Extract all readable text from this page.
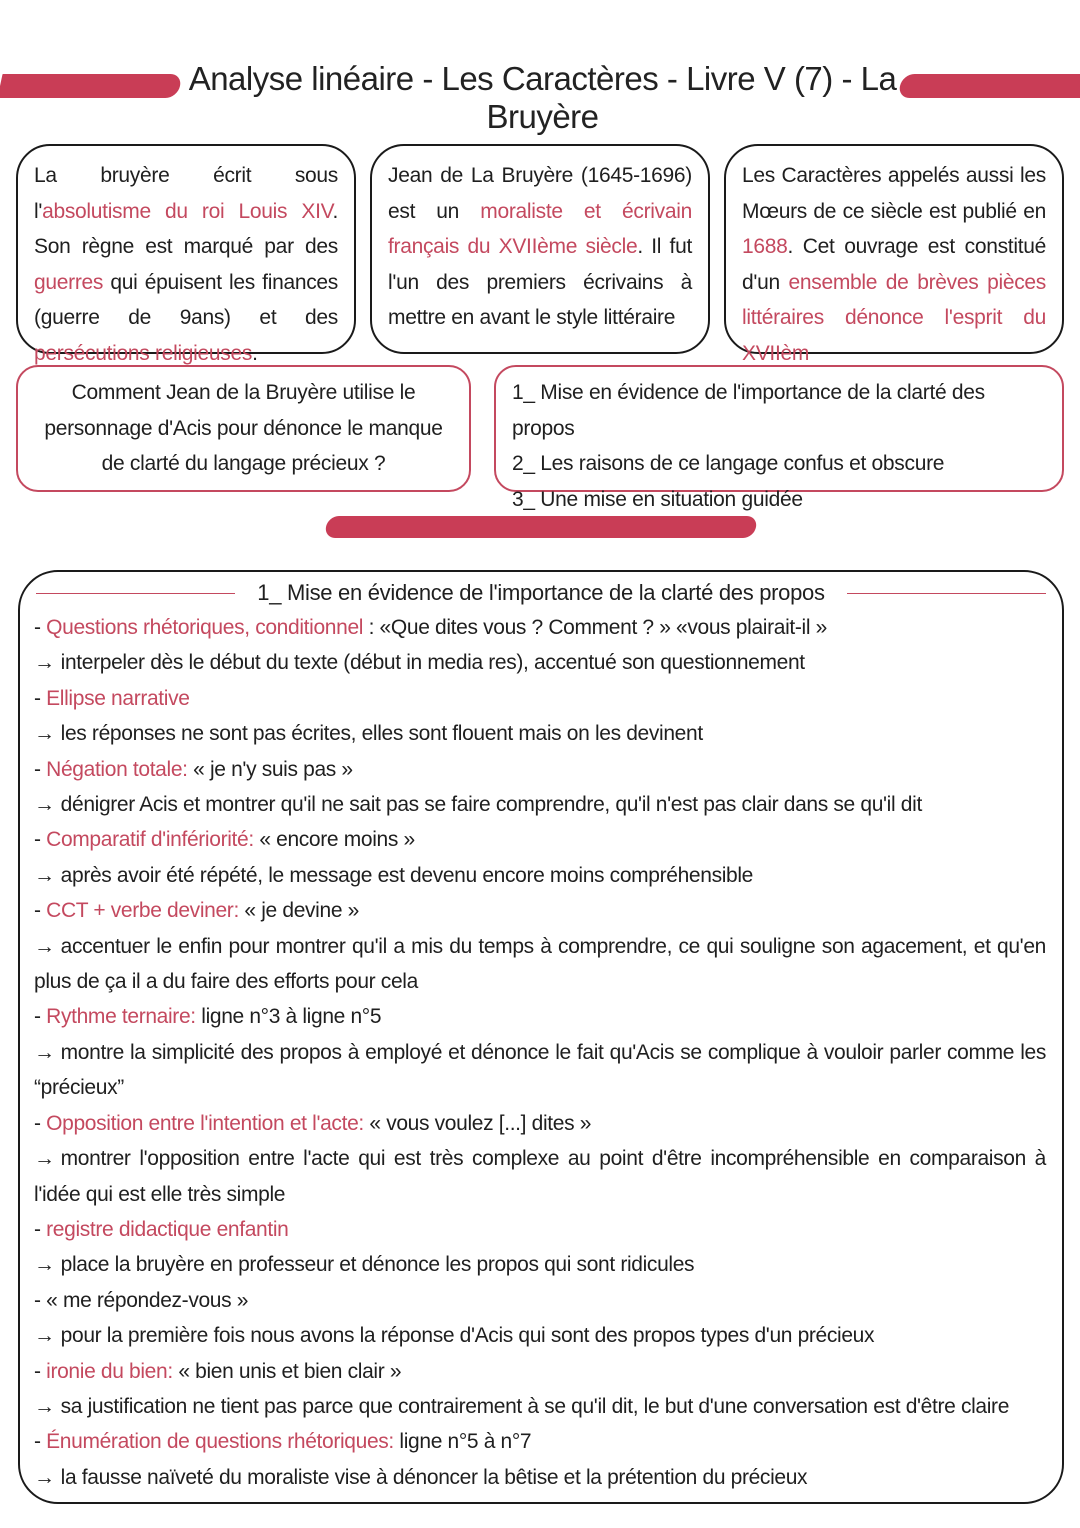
Analyse linéaire - Les Caractères - Livre V (7) - La Bruyère
La bruyère écrit sous l'absolutisme du roi Louis XIV. Son règne est marqué par des guerres qui épuisent les finances (guerre de 9ans) et des persécutions religieuses.
Jean de La Bruyère (1645-1696) est un moraliste et écrivain français du XVIIème siècle. Il fut l'un des premiers écrivains à mettre en avant le style littéraire
Les Caractères appelés aussi les Mœurs de ce siècle est publié en 1688. Cet ouvrage est constitué d'un ensemble de brèves pièces littéraires dénonce l'esprit du XVIIèm
Comment Jean de la Bruyère utilise le personnage d'Acis pour dénonce le manque de clarté du langage précieux ?
1_ Mise en évidence de l'importance de la clarté des propos
2_ Les raisons de ce langage confus et obscure
3_ Une mise en situation guidée
1_ Mise en évidence de l'importance de la clarté des propos
- Questions rhétoriques, conditionnel : «Que dites vous ? Comment ? » «vous plairait-il »
→ interpeler dès le début du texte (début in media res), accentué son questionnement
- Ellipse narrative
→ les réponses ne sont pas écrites, elles sont flouent mais on les devinent
- Négation totale: « je n'y suis pas »
→ dénigrer Acis et montrer qu'il ne sait pas se faire comprendre, qu'il n'est pas clair dans se qu'il dit
- Comparatif d'infériorité: « encore moins »
→ après avoir été répété, le message est devenu encore moins compréhensible
- CCT + verbe deviner: « je devine »
→ accentuer le enfin pour montrer qu'il a mis du temps à comprendre, ce qui souligne son agacement, et qu'en plus de ça il a du faire des efforts pour cela
- Rythme ternaire: ligne n°3 à ligne n°5
→ montre la simplicité des propos à employé et dénonce le fait qu'Acis se complique à vouloir parler comme les “précieux”
- Opposition entre l'intention et l'acte: « vous voulez [...] dites »
→ montrer l'opposition entre l'acte qui est très complexe au point d'être incompréhensible en comparaison à l'idée qui est elle très simple
- registre didactique enfantin
→ place la bruyère en professeur et dénonce les propos qui sont ridicules
- « me répondez-vous »
→ pour la première fois nous avons la réponse d'Acis qui sont des propos types d'un précieux
- ironie du bien: « bien unis et bien clair »
→ sa justification ne tient pas parce que contrairement à se qu'il dit, le but d'une conversation est d'être claire
- Énumération de questions rhétoriques: ligne n°5 à n°7
→ la fausse naïveté du moraliste vise à dénoncer la bêtise et la prétention du précieux
